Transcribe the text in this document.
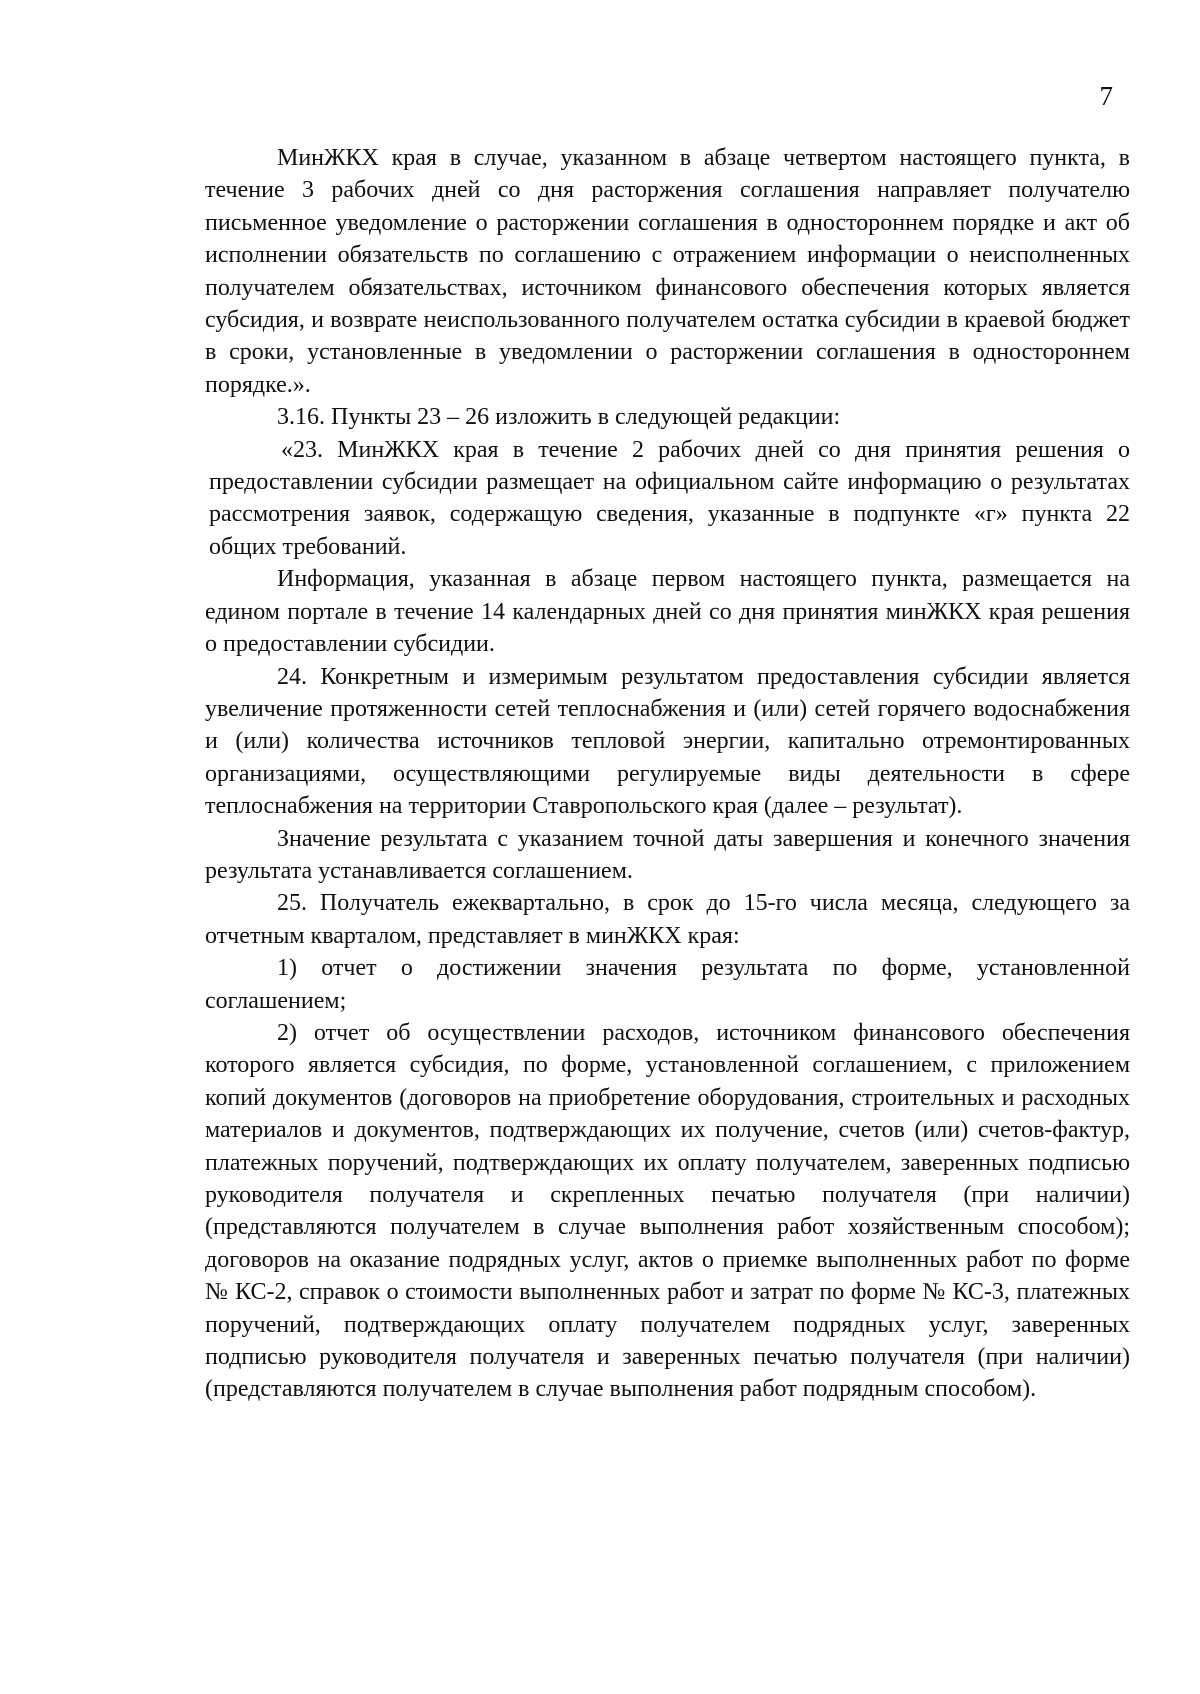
7

МинЖКХ края в случае, указанном в абзаце четвертом настоящего пункта, в течение 3 рабочих дней со дня расторжения соглашения направляет получателю письменное уведомление о расторжении соглашения в одностороннем порядке и акт об исполнении обязательств по соглашению с отражением информации о неисполненных получателем обязательствах, источником финансового обеспечения которых является субсидия, и возврате неиспользованного получателем остатка субсидии в краевой бюджет в сроки, установленные в уведомлении о расторжении соглашения в одностороннем порядке.».

3.16. Пункты 23 – 26 изложить в следующей редакции:

«23. МинЖКХ края в течение 2 рабочих дней со дня принятия решения о предоставлении субсидии размещает на официальном сайте информацию о результатах рассмотрения заявок, содержащую сведения, указанные в подпункте «г» пункта 22 общих требований.

Информация, указанная в абзаце первом настоящего пункта, размещается на едином портале в течение 14 календарных дней со дня принятия минЖКХ края решения о предоставлении субсидии.

24. Конкретным и измеримым результатом предоставления субсидии является увеличение протяженности сетей теплоснабжения и (или) сетей горячего водоснабжения и (или) количества источников тепловой энергии, капитально отремонтированных организациями, осуществляющими регулируемые виды деятельности в сфере теплоснабжения на территории Ставропольского края (далее – результат).

Значение результата с указанием точной даты завершения и конечного значения результата устанавливается соглашением.

25. Получатель ежеквартально, в срок до 15-го числа месяца, следующего за отчетным кварталом, представляет в минЖКХ края:

1) отчет о достижении значения результата по форме, установленной соглашением;

2) отчет об осуществлении расходов, источником финансового обеспечения которого является субсидия, по форме, установленной соглашением, с приложением копий документов (договоров на приобретение оборудования, строительных и расходных материалов и документов, подтверждающих их получение, счетов (или) счетов-фактур, платежных поручений, подтверждающих их оплату получателем, заверенных подписью руководителя получателя и скрепленных печатью получателя (при наличии) (представляются получателем в случае выполнения работ хозяйственным способом); договоров на оказание подрядных услуг, актов о приемке выполненных работ по форме № КС-2, справок о стоимости выполненных работ и затрат по форме № КС-3, платежных поручений, подтверждающих оплату получателем подрядных услуг, заверенных подписью руководителя получателя и заверенных печатью получателя (при наличии) (представляются получателем в случае выполнения работ подрядным способом).
